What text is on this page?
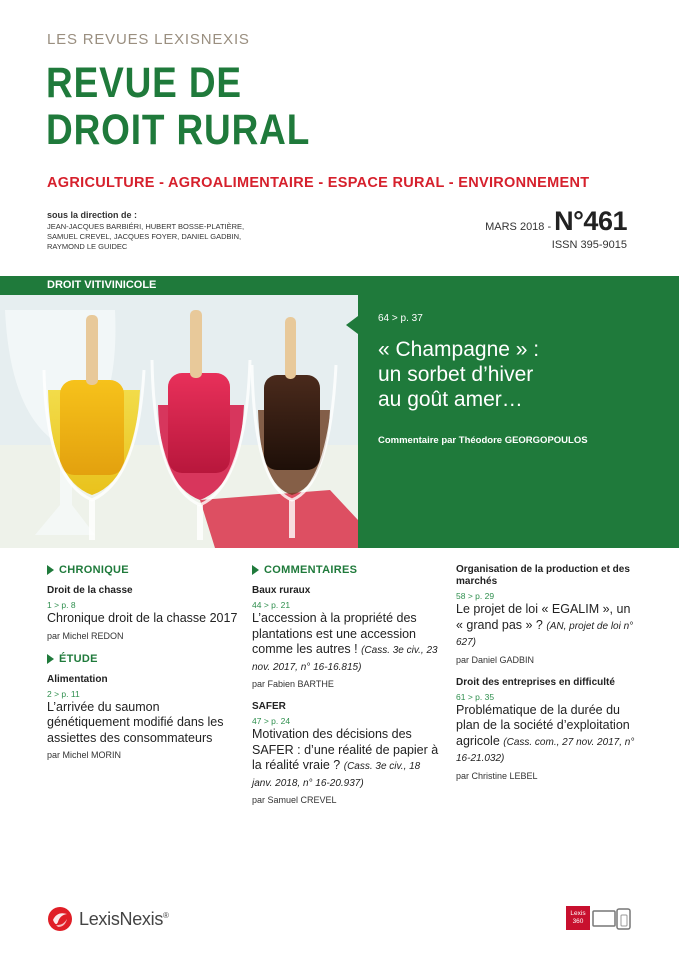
LES REVUES LEXISNEXIS
REVUE DE
DROIT RURAL
AGRICULTURE - AGROALIMENTAIRE - ESPACE RURAL - ENVIRONNEMENT
sous la direction de :
JEAN-JACQUES BARBIÉRI, HUBERT BOSSE-PLATIÈRE,
SAMUEL CREVEL, JACQUES FOYER, DANIEL GADBIN,
RAYMOND LE GUIDEC
MARS 2018 - N°461
ISSN 395-9015
DROIT VITIVINICOLE
64 > p. 37
« Champagne » :
un sorbet d’hiver
au goût amer…
Commentaire par Théodore GEORGOPOULOS
CHRONIQUE
Droit de la chasse
1 > p. 8
Chronique droit de la chasse 2017
par Michel REDON
ÉTUDE
Alimentation
2 > p. 11
L’arrivée du saumon génétiquement modifié dans les assiettes des consommateurs
par Michel MORIN
COMMENTAIRES
Baux ruraux
44 > p. 21
L’accession à la propriété des plantations est une accession comme les autres ! (Cass. 3e civ., 23 nov. 2017, n° 16-16.815)
par Fabien BARTHE
SAFER
47 > p. 24
Motivation des décisions des SAFER : d’une réalité de papier à la réalité vraie ? (Cass. 3e civ., 18 janv. 2018, n° 16-20.937)
par Samuel CREVEL
Organisation de la production et des marchés
58 > p. 29
Le projet de loi « EGALIM », un « grand pas » ? (AN, projet de loi n° 627)
par Daniel GADBIN
Droit des entreprises en difficulté
61 > p. 35
Problématique de la durée du plan de la société d’exploitation agricole (Cass. com., 27 nov. 2017, n° 16-21.032)
par Christine LEBEL
LexisNexis®	Lexis
360
